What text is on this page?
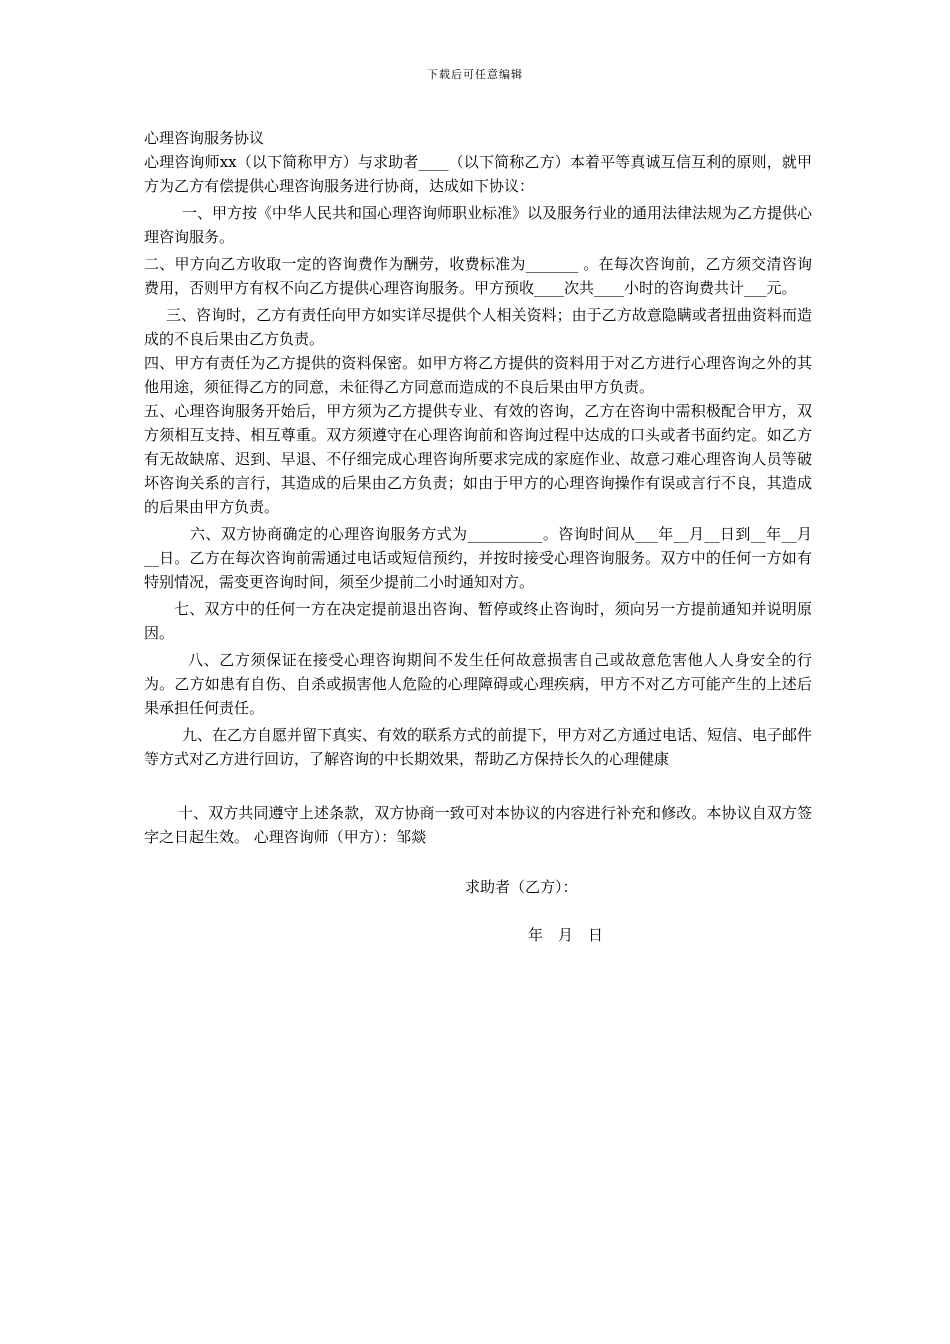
下载后可任意编辑

心理咨询服务协议

心理咨询师xx（以下简称甲方）与求助者____（以下简称乙方）本着平等真诚互信互利的原则，就甲方为乙方有偿提供心理咨询服务进行协商，达成如下协议：

一、甲方按《中华人民共和国心理咨询师职业标准》以及服务行业的通用法律法规为乙方提供心理咨询服务。

二、甲方向乙方收取一定的咨询费作为酬劳，收费标准为_______ 。在每次咨询前，乙方须交清咨询费用，否则甲方有权不向乙方提供心理咨询服务。甲方预收____次共____小时的咨询费共计___元。

三、咨询时，乙方有责任向甲方如实详尽提供个人相关资料；由于乙方故意隐瞒或者扭曲资料而造成的不良后果由乙方负责。

四、甲方有责任为乙方提供的资料保密。如甲方将乙方提供的资料用于对乙方进行心理咨询之外的其他用途，须征得乙方的同意，未征得乙方同意而造成的不良后果由甲方负责。

五、心理咨询服务开始后，甲方须为乙方提供专业、有效的咨询，乙方在咨询中需积极配合甲方，双方须相互支持、相互尊重。双方须遵守在心理咨询前和咨询过程中达成的口头或者书面约定。如乙方有无故缺席、迟到、早退、不仔细完成心理咨询所要求完成的家庭作业、故意刁难心理咨询人员等破坏咨询关系的言行，其造成的后果由乙方负责；如由于甲方的心理咨询操作有误或言行不良，其造成的后果由甲方负责。

六、双方协商确定的心理咨询服务方式为__________。咨询时间从___年__月__日到__年__月__日。乙方在每次咨询前需通过电话或短信预约，并按时接受心理咨询服务。双方中的任何一方如有特别情况，需变更咨询时间，须至少提前二小时通知对方。

七、双方中的任何一方在决定提前退出咨询、暂停或终止咨询时，须向另一方提前通知并说明原因。

八、乙方须保证在接受心理咨询期间不发生任何故意损害自己或故意危害他人人身安全的行为。乙方如患有自伤、自杀或损害他人危险的心理障碍或心理疾病，甲方不对乙方可能产生的上述后果承担任何责任。

九、在乙方自愿并留下真实、有效的联系方式的前提下，甲方对乙方通过电话、短信、电子邮件等方式对乙方进行回访，了解咨询的中长期效果，帮助乙方保持长久的心理健康

十、双方共同遵守上述条款，双方协商一致可对本协议的内容进行补充和修改。本协议自双方签字之日起生效。 心理咨询师（甲方）：邹燚

求助者（乙方）：
年　月　日
